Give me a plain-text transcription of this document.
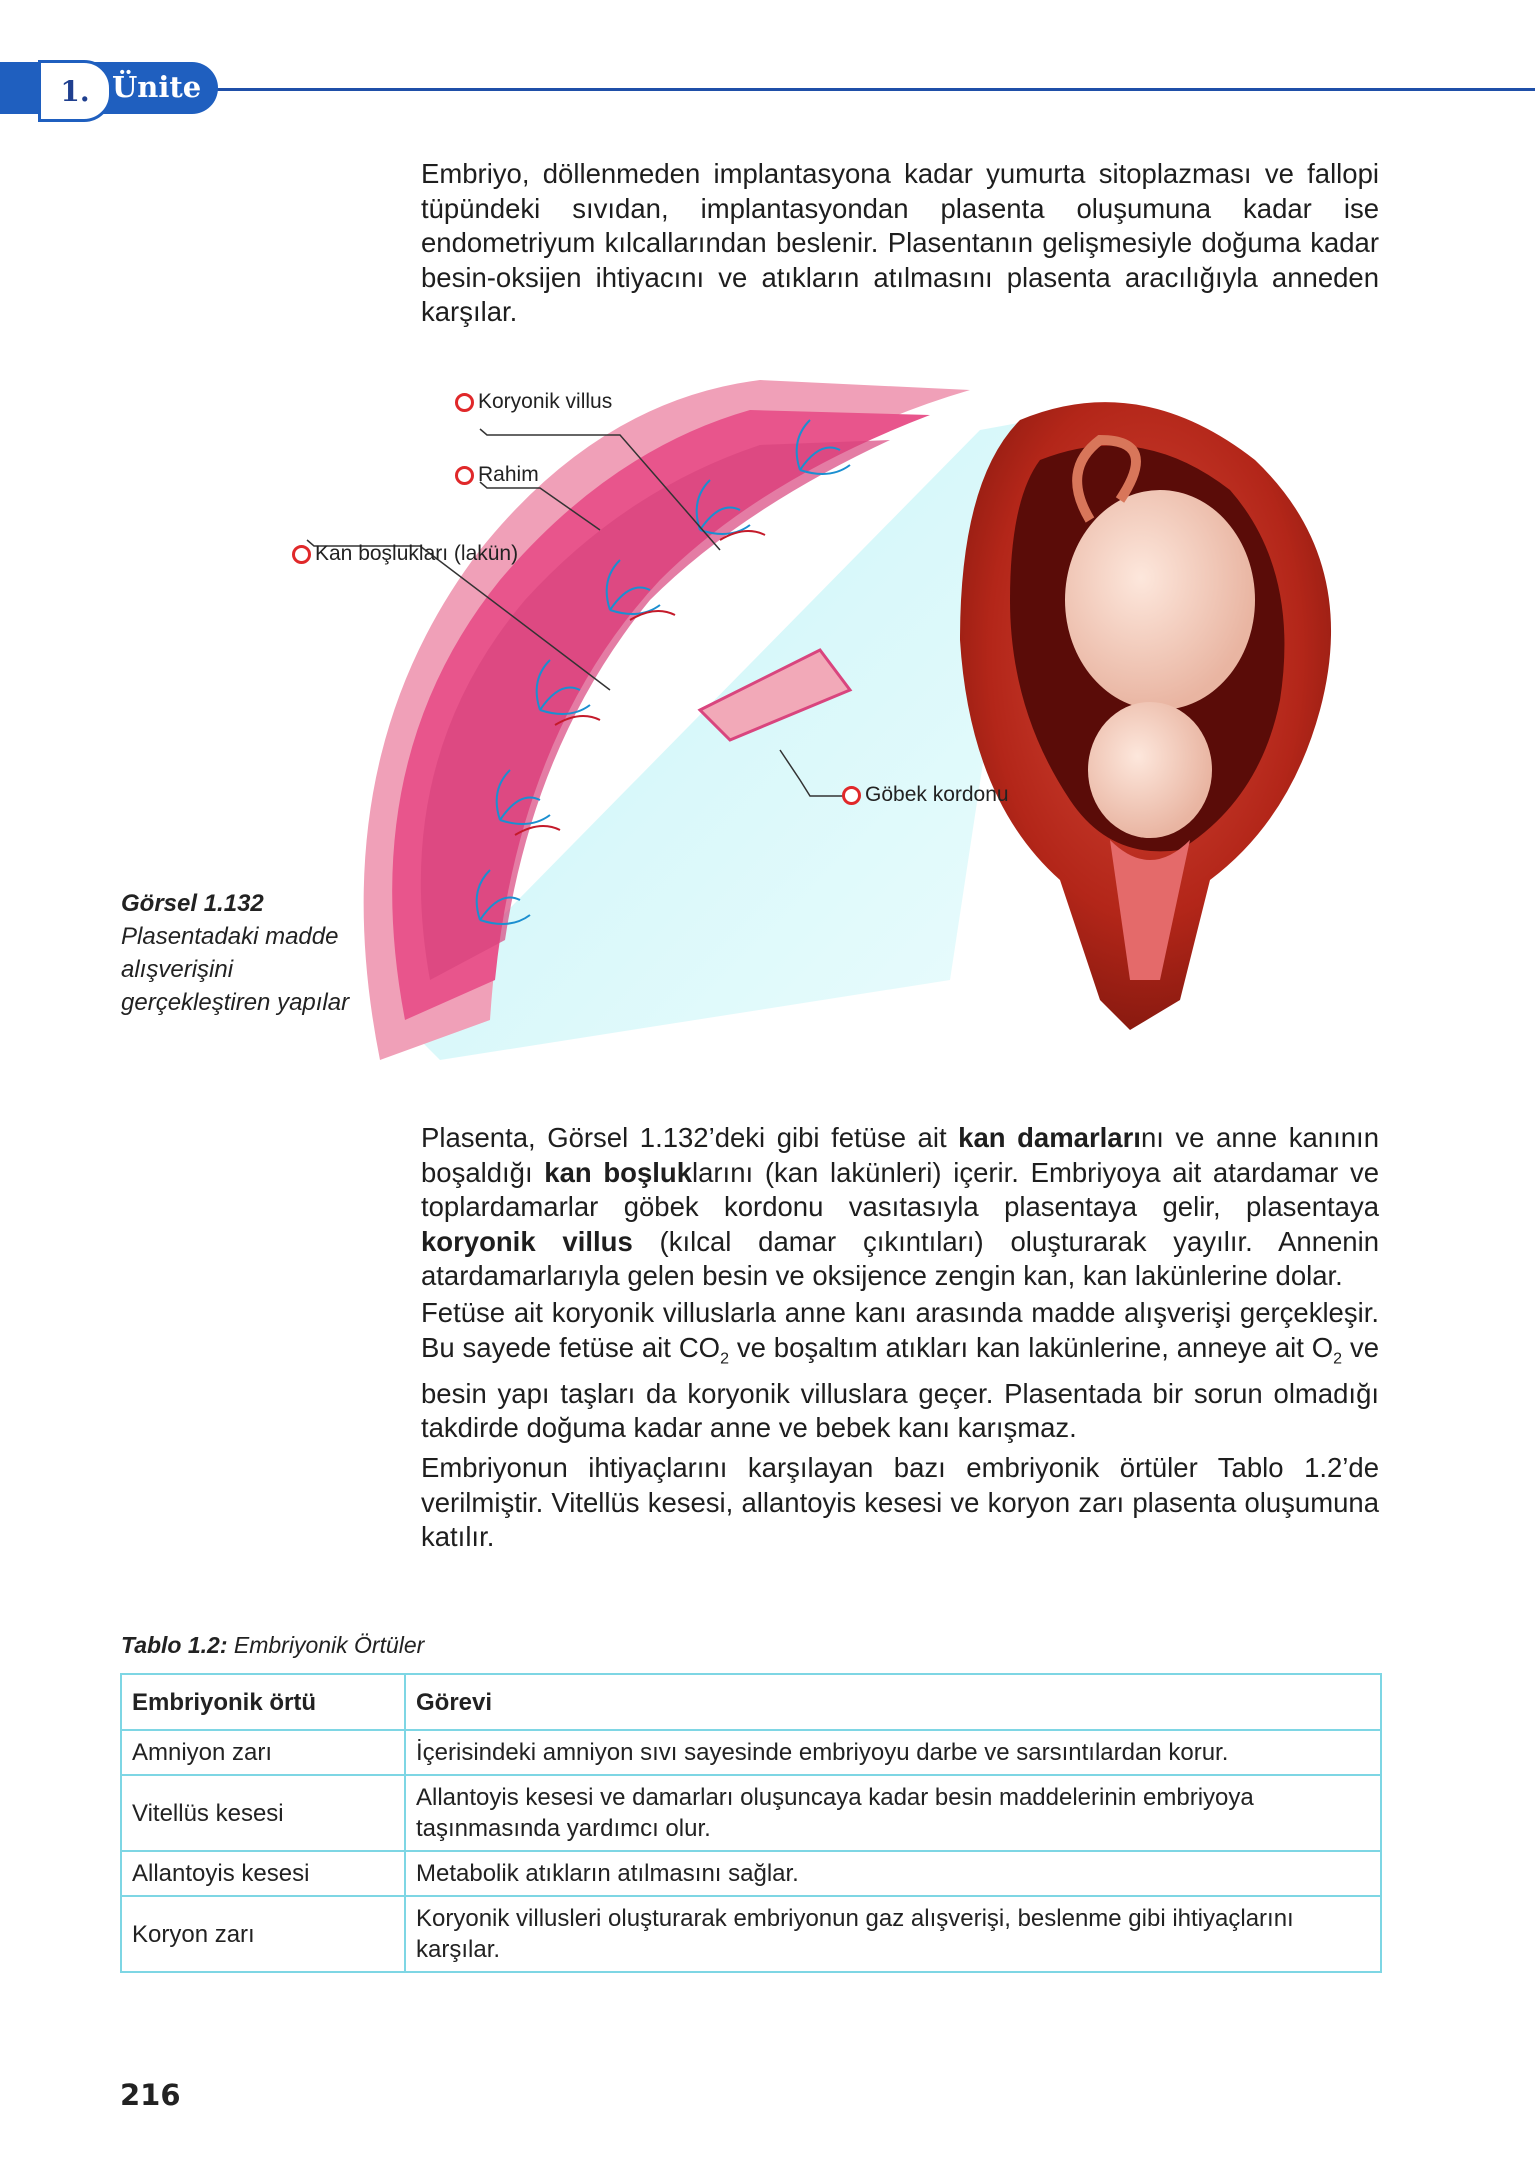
1. Ünite

Embriyo, döllenmeden implantasyona kadar yumurta sitoplazması ve fallopi tüpündeki sıvıdan, implantasyondan plasenta oluşumuna kadar ise endometriyum kılcallarından beslenir. Plasentanın gelişmesiyle doğuma kadar besin-oksijen ihtiyacını ve atıkların atılmasını plasenta aracılığıyla anneden karşılar.

Koryonik villus
Rahim
Kan boşlukları (lakün)
Göbek kordonu
Görsel 1.132
Plasentadaki madde alışverişini gerçekleştiren yapılar

Plasenta, Görsel 1.132’deki gibi fetüse ait kan damarlarını ve anne kanının boşaldığı kan boşluklarını (kan lakünleri) içerir. Embriyoya ait atardamar ve toplardamarlar göbek kordonu vasıtasıyla plasentaya gelir, plasentaya koryonik villus (kılcal damar çıkıntıları) oluşturarak yayılır. Annenin atardamarlarıyla gelen besin ve oksijence zengin kan, kan lakünlerine dolar.

Fetüse ait koryonik villuslarla anne kanı arasında madde alışverişi gerçekleşir. Bu sayede fetüse ait $CO_2$ ve boşaltım atıkları kan lakünlerine, anneye ait $O_2$ ve besin yapı taşları da koryonik villuslara geçer. Plasentada bir sorun olmadığı takdirde doğuma kadar anne ve bebek kanı karışmaz.

Embriyonun ihtiyaçlarını karşılayan bazı embriyonik örtüler Tablo 1.2’de verilmiştir. Vitellüs kesesi, allantoyis kesesi ve koryon zarı plasenta oluşumuna katılır.

Tablo 1.2: Embriyonik Örtüler
Embriyonik örtü	Görevi
Amniyon zarı	İçerisindeki amniyon sıvı sayesinde embriyoyu darbe ve sarsıntılardan korur.
Vitellüs kesesi	Allantoyis kesesi ve damarları oluşuncaya kadar besin maddelerinin embriyoya taşınmasında yardımcı olur.
Allantoyis kesesi	Metabolik atıkların atılmasını sağlar.
Koryon zarı	Koryonik villusleri oluşturarak embriyonun gaz alışverişi, beslenme gibi ihtiyaçlarını karşılar.
216
